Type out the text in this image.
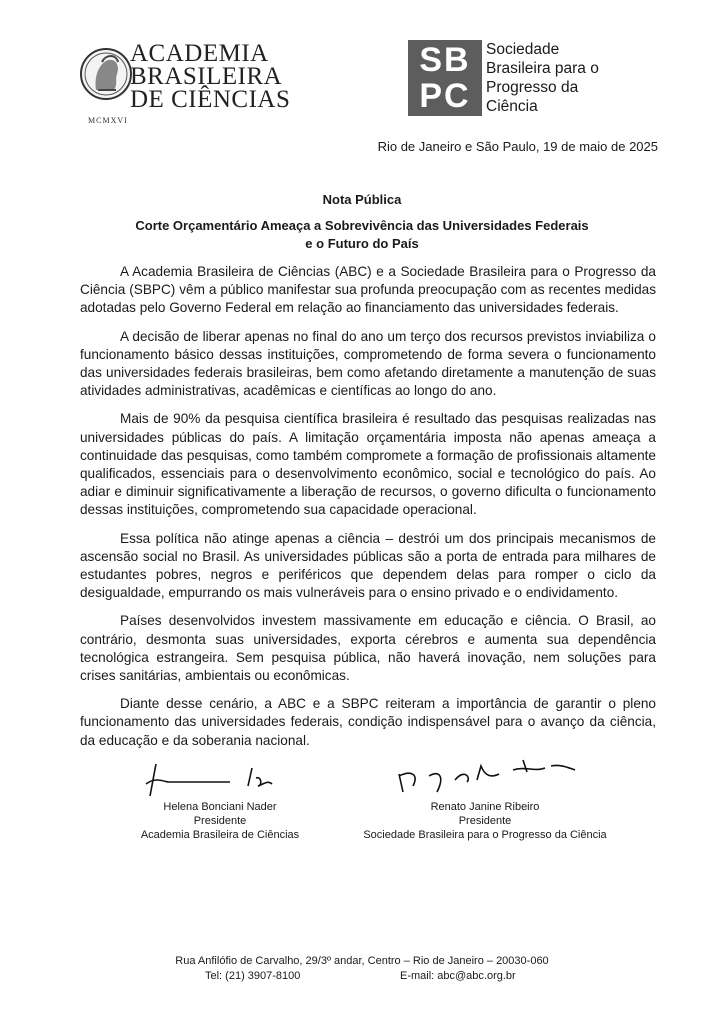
ACADEMIA
BRASILEIRA
DE CIÊNCIAS
MCMXVI
SB
PC
Sociedade
Brasileira para o
Progresso da
Ciência
Rio de Janeiro e São Paulo, 19 de maio de 2025
Nota Pública
Corte Orçamentário Ameaça a Sobrevivência das Universidades Federais
e o Futuro do País

A Academia Brasileira de Ciências (ABC) e a Sociedade Brasileira para o Progresso da Ciência (SBPC) vêm a público manifestar sua profunda preocupação com as recentes medidas adotadas pelo Governo Federal em relação ao financiamento das universidades federais.

A decisão de liberar apenas no final do ano um terço dos recursos previstos inviabiliza o funcionamento básico dessas instituições, comprometendo de forma severa o funcionamento das universidades federais brasileiras, bem como afetando diretamente a manutenção de suas atividades administrativas, acadêmicas e científicas ao longo do ano.

Mais de 90% da pesquisa científica brasileira é resultado das pesquisas realizadas nas universidades públicas do país. A limitação orçamentária imposta não apenas ameaça a continuidade das pesquisas, como também compromete a formação de profissionais altamente qualificados, essenciais para o desenvolvimento econômico, social e tecnológico do país. Ao adiar e diminuir significativamente a liberação de recursos, o governo dificulta o funcionamento dessas instituições, comprometendo sua capacidade operacional.

Essa política não atinge apenas a ciência – destrói um dos principais mecanismos de ascensão social no Brasil. As universidades públicas são a porta de entrada para milhares de estudantes pobres, negros e periféricos que dependem delas para romper o ciclo da desigualdade, empurrando os mais vulneráveis para o ensino privado e o endividamento.

Países desenvolvidos investem massivamente em educação e ciência. O Brasil, ao contrário, desmonta suas universidades, exporta cérebros e aumenta sua dependência tecnológica estrangeira. Sem pesquisa pública, não haverá inovação, nem soluções para crises sanitárias, ambientais ou econômicas.

Diante desse cenário, a ABC e a SBPC reiteram a importância de garantir o pleno funcionamento das universidades federais, condição indispensável para o avanço da ciência, da educação e da soberania nacional.

Helena Bonciani Nader
Presidente
Academia Brasileira de Ciências
Renato Janine Ribeiro
Presidente
Sociedade Brasileira para o Progresso da Ciência
Rua Anfilófio de Carvalho, 29/3º andar, Centro – Rio de Janeiro – 20030-060
Tel: (21) 3907-8100	E-mail: abc@abc.org.br
